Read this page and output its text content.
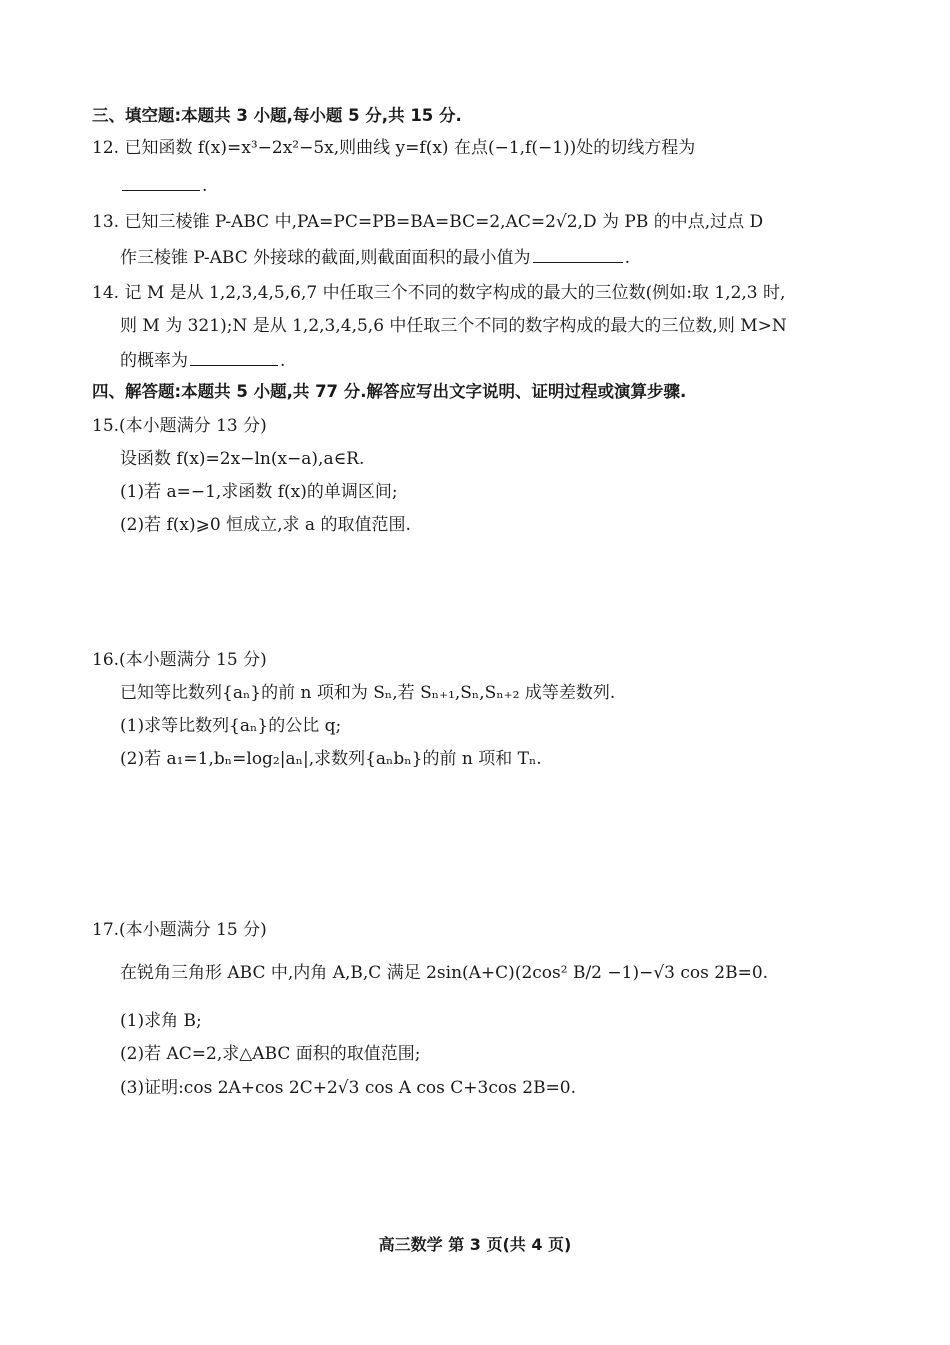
三、填空题:本题共 3 小题,每小题 5 分,共 15 分.
12. 已知函数 f(x)=x³−2x²−5x,则曲线 y=f(x) 在点(−1,f(−1))处的切线方程为
.
13. 已知三棱锥 P-ABC 中,PA=PC=PB=BA=BC=2,AC=2√2,D 为 PB 的中点,过点 D
作三棱锥 P-ABC 外接球的截面,则截面面积的最小值为	.
14. 记 M 是从 1,2,3,4,5,6,7 中任取三个不同的数字构成的最大的三位数(例如:取 1,2,3 时,
则 M 为 321);N 是从 1,2,3,4,5,6 中任取三个不同的数字构成的最大的三位数,则 M>N
的概率为	.
四、解答题:本题共 5 小题,共 77 分.解答应写出文字说明、证明过程或演算步骤.
15.(本小题满分 13 分)
设函数 f(x)=2x−ln(x−a),a∈R.
(1)若 a=−1,求函数 f(x)的单调区间;
(2)若 f(x)⩾0 恒成立,求 a 的取值范围.
16.(本小题满分 15 分)
已知等比数列{aₙ}的前 n 项和为 Sₙ,若 Sₙ₊₁,Sₙ,Sₙ₊₂ 成等差数列.
(1)求等比数列{aₙ}的公比 q;
(2)若 a₁=1,bₙ=log₂|aₙ|,求数列{aₙbₙ}的前 n 项和 Tₙ.
17.(本小题满分 15 分)
在锐角三角形 ABC 中,内角 A,B,C 满足 2sin(A+C)(2cos² B/2 −1)−√3 cos 2B=0.
(1)求角 B;
(2)若 AC=2,求△ABC 面积的取值范围;
(3)证明:cos 2A+cos 2C+2√3 cos A cos C+3cos 2B=0.
高三数学 第 3 页(共 4 页)
